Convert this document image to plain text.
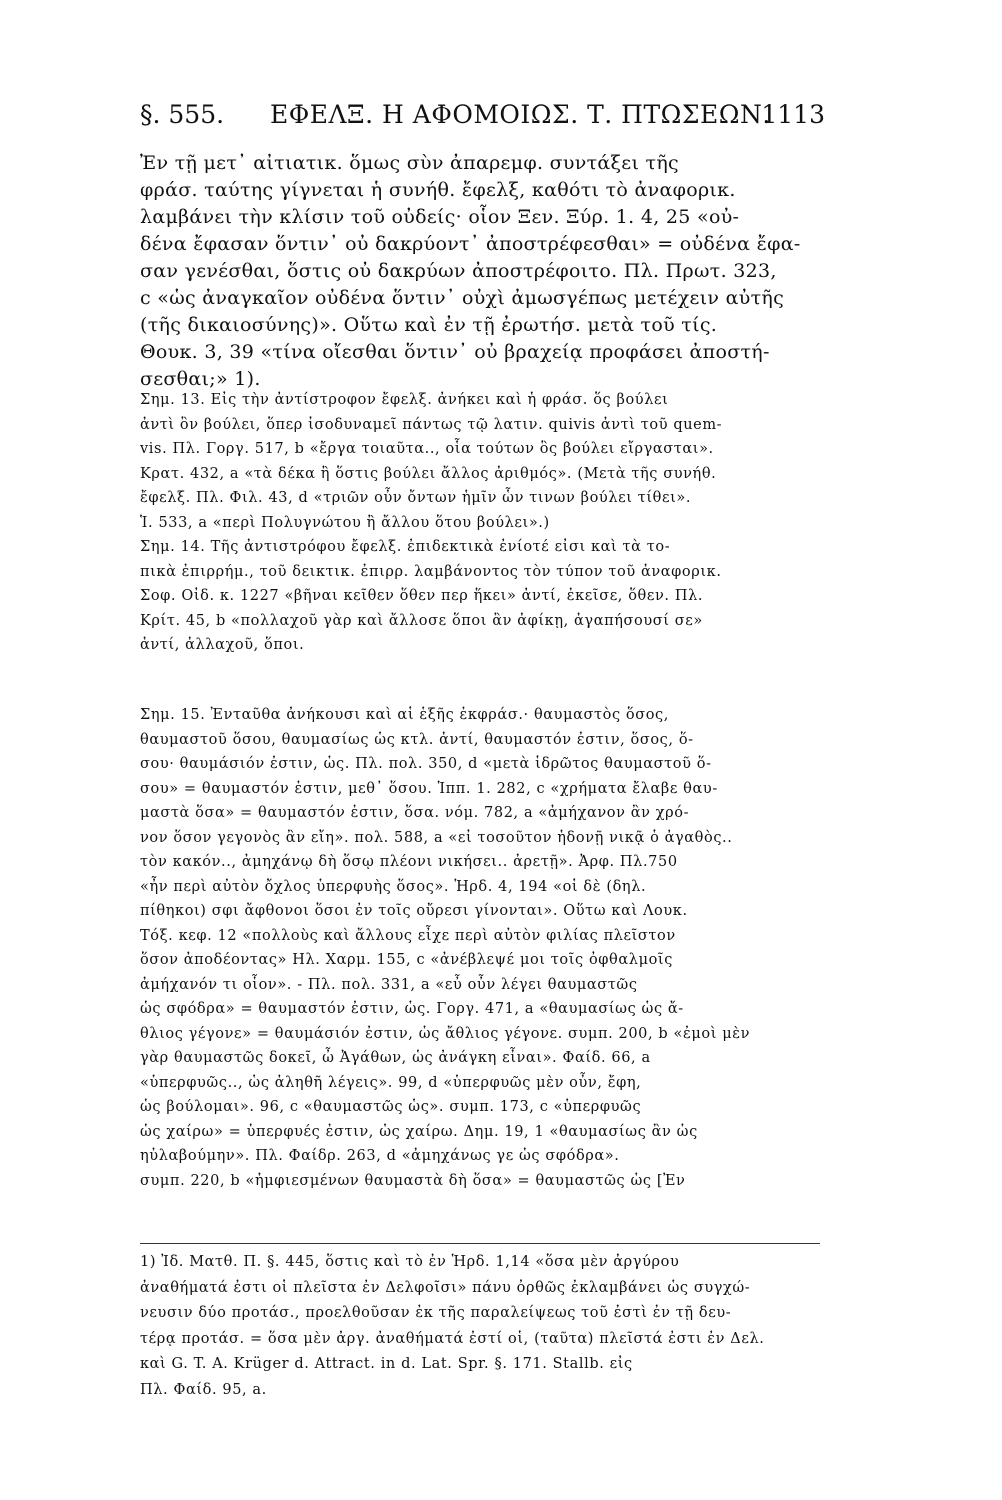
§. 555. ΕΦΕΛΞ. Η ΑΦΟΜΟΙΩΣ. Τ. ΠΤΩΣΕΩΝ.
1113
Ἐν τῇ μετ᾽ αἰτιατικ. ὅμως σὺν ἀπαρεμφ. συντάξει τῆς
φράσ. ταύτης γίγνεται ἡ συνήθ. ἔφελξ, καθότι τὸ ἀναφορικ.
λαμβάνει τὴν κλίσιν τοῦ οὐδείς· οἷον Ξεν. Ξύρ. 1. 4, 25 «οὐ-
δένα ἔφασαν ὅντιν᾽ οὐ δακρύοντ᾽ ἀποστρέφεσθαι» = οὐδένα ἔφα-
σαν γενέσθαι, ὅστις οὐ δακρύων ἀποστρέφοιτο. Πλ. Πρωτ. 323,
c «ὡς ἀναγκαῖον οὐδένα ὅντιν᾽ οὐχὶ ἀμωσγέπως μετέχειν αὐτῆς
(τῆς δικαιοσύνης)». Οὕτω καὶ ἐν τῇ ἐρωτήσ. μετὰ τοῦ τίς.
Θουκ. 3, 39 «τίνα οἴεσθαι ὅντιν᾽ οὐ βραχείᾳ προφάσει ἀποστή-
σεσθαι;» 1).
Σημ. 13. Εἰς τὴν ἀντίστροφον ἔφελξ. ἀνήκει καὶ ἡ φράσ. ὅς βούλει
ἀντὶ ὃν βούλει, ὅπερ ἰσοδυναμεῖ πάντως τῷ λατιν. quivis ἀντὶ τοῦ quem-
vis. Πλ. Γοργ. 517, b «ἔργα τοιαῦτα.., οἷα τούτων ὃς βούλει εἴργασται».
Κρατ. 432, a «τὰ δέκα ἢ ὅστις βούλει ἄλλος ἀριθμός». (Μετὰ τῆς συνήθ.
ἔφελξ. Πλ. Φιλ. 43, d «τριῶν οὖν ὄντων ἡμῖν ὧν τινων βούλει τίθει».
Ἱ. 533, a «περὶ Πολυγνώτου ἢ ἄλλου ὅτου βούλει».)
Σημ. 14. Τῆς ἀντιστρόφου ἔφελξ. ἐπιδεκτικὰ ἐνίοτέ εἰσι καὶ τὰ το-
πικὰ ἐπιρρήμ., τοῦ δεικτικ. ἐπιρρ. λαμβάνοντος τὸν τύπον τοῦ ἀναφορικ.
Σοφ. Οἰδ. κ. 1227 «βῆναι κεῖθεν ὅθεν περ ἥκει» ἀντί, ἐκεῖσε, ὅθεν. Πλ.
Κρίτ. 45, b «πολλαχοῦ γὰρ καὶ ἄλλοσε ὅποι ἂν ἀφίκῃ, ἀγαπήσουσί σε»
ἀντί, ἀλλαχοῦ, ὅποι.
Σημ. 15. Ἐνταῦθα ἀνήκουσι καὶ αἱ ἑξῆς ἐκφράσ.· θαυμαστὸς ὅσος,
θαυμαστοῦ ὅσου, θαυμασίως ὡς κτλ. ἀντί, θαυμαστόν ἐστιν, ὅσος, ὅ-
σου· θαυμάσιόν ἐστιν, ὡς. Πλ. πολ. 350, d «μετὰ ἱδρῶτος θαυμαστοῦ ὅ-
σου» = θαυμαστόν ἐστιν, μεθ᾽ ὅσου. Ἱππ. 1. 282, c «χρήματα ἔλαβε θαυ-
μαστὰ ὅσα» = θαυμαστόν ἐστιν, ὅσα. νόμ. 782, a «ἀμήχανον ἂν χρό-
νον ὅσον γεγονὸς ἂν εἴη». πολ. 588, a «εἰ τοσοῦτον ἡδονῇ νικᾷ ὁ ἀγαθὸς..
τὸν κακόν.., ἀμηχάνῳ δὴ ὅσῳ πλέονι νικήσει.. ἀρετῇ». Ἀρφ. Πλ.750
«ἦν περὶ αὐτὸν ὄχλος ὑπερφυὴς ὅσος». Ἡρδ. 4, 194 «οἱ δὲ (δηλ.
πίθηκοι) σφι ἄφθονοι ὅσοι ἐν τοῖς οὔρεσι γίνονται». Οὕτω καὶ Λουκ.
Τόξ. κεφ. 12 «πολλοὺς καὶ ἄλλους εἶχε περὶ αὐτὸν φιλίας πλεῖστον
ὅσον ἀποδέοντας» Ηλ. Χαρμ. 155, c «ἀνέβλεψέ μοι τοῖς ὀφθαλμοῖς
ἀμήχανόν τι οἷον». - Πλ. πολ. 331, a «εὖ οὖν λέγει θαυμαστῶς
ὡς σφόδρα» = θαυμαστόν ἐστιν, ὡς. Γοργ. 471, a «θαυμασίως ὡς ἄ-
θλιος γέγονε» = θαυμάσιόν ἐστιν, ὡς ἄθλιος γέγονε. συμπ. 200, b «ἐμοὶ μὲν
γὰρ θαυμαστῶς δοκεῖ, ὦ Ἀγάθων, ὡς ἀνάγκη εἶναι». Φαίδ. 66, a
«ὑπερφυῶς.., ὡς ἀληθῆ λέγεις». 99, d «ὑπερφυῶς μὲν οὖν, ἔφη,
ὡς βούλομαι». 96, c «θαυμαστῶς ὡς». συμπ. 173, c «ὑπερφυῶς
ὡς χαίρω» = ὑπερφυές ἐστιν, ὡς χαίρω. Δημ. 19, 1 «θαυμασίως ἂν ὡς
ηὐλαβούμην». Πλ. Φαίδρ. 263, d «ἀμηχάνως γε ὡς σφόδρα».
συμπ. 220, b «ἠμφιεσμένων θαυμαστὰ δὴ ὅσα» = θαυμαστῶς ὡς [Ἐν
1) Ἰδ. Ματθ. Π. §. 445, ὅστις καὶ τὸ ἐν Ἡρδ. 1,14 «ὅσα μὲν ἀργύρου
ἀναθήματά ἐστι οἱ πλεῖστα ἐν Δελφοῖσι» πάνυ ὀρθῶς ἐκλαμβάνει ὡς συγχώ-
νευσιν δύο προτάσ., προελθοῦσαν ἐκ τῆς παραλείψεως τοῦ ἐστὶ ἐν τῇ δευ-
τέρᾳ προτάσ. = ὅσα μὲν ἀργ. ἀναθήματά ἐστί οἱ, (ταῦτα) πλεῖστά ἐστι ἐν Δελ.
καὶ G. T. A. Krüger d. Attract. in d. Lat. Spr. §. 171. Stallb. εἰς
Πλ. Φαίδ. 95, a.
